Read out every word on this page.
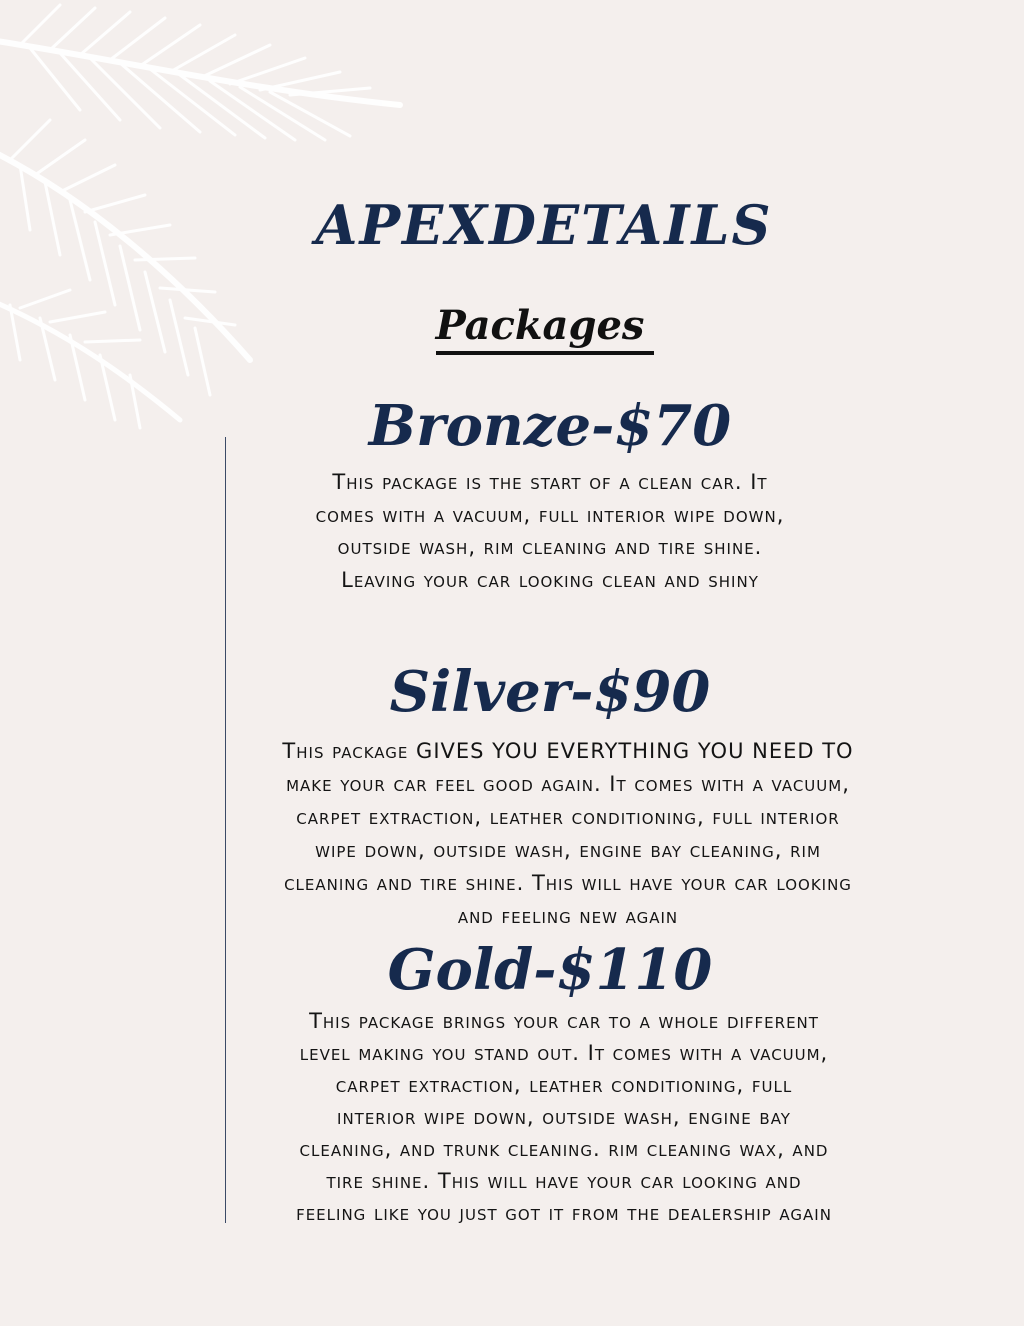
APEXDETAILS
Packages
Bronze-$70

This package is the start of a clean car. It comes with a vacuum, full interior wipe down, outside wash, rim cleaning and tire shine. Leaving your car looking clean and shiny

Silver-$90

This package GIVES YOU EVERYTHING YOU NEED TO make your car feel good again. It comes with a vacuum, carpet extraction, leather conditioning, full interior wipe down, outside wash, engine bay cleaning, rim cleaning and tire shine. This will have your car looking and feeling new again

Gold-$110

This package brings your car to a whole different level making you stand out. It comes with a vacuum, carpet extraction, leather conditioning, full interior wipe down, outside wash, engine bay cleaning, and trunk cleaning. rim cleaning wax, and tire shine. This will have your car looking and feeling like you just got it from the dealership again
